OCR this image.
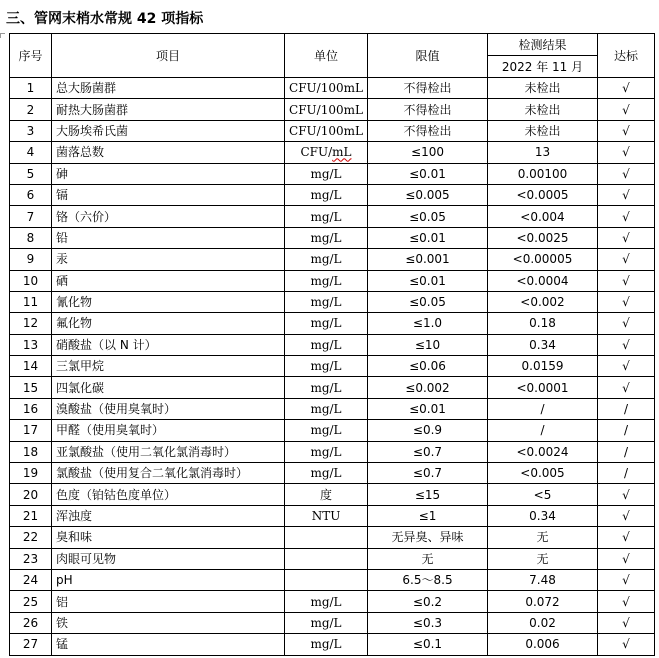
三、管网末梢水常规 42 项指标
序号	项目	单位	限值	检测结果	达标
				2022 年 11 月	
1	总大肠菌群	CFU/100mL	不得检出	未检出	√
2	耐热大肠菌群	CFU/100mL	不得检出	未检出	√
3	大肠埃希氏菌	CFU/100mL	不得检出	未检出	√
4	菌落总数	CFU/mL	≤100	13	√
5	砷	mg/L	≤0.01	0.00100	√
6	镉	mg/L	≤0.005	<0.0005	√
7	铬（六价）	mg/L	≤0.05	<0.004	√
8	铅	mg/L	≤0.01	<0.0025	√
9	汞	mg/L	≤0.001	<0.00005	√
10	硒	mg/L	≤0.01	<0.0004	√
11	氰化物	mg/L	≤0.05	<0.002	√
12	氟化物	mg/L	≤1.0	0.18	√
13	硝酸盐（以 N 计）	mg/L	≤10	0.34	√
14	三氯甲烷	mg/L	≤0.06	0.0159	√
15	四氯化碳	mg/L	≤0.002	<0.0001	√
16	溴酸盐（使用臭氧时）	mg/L	≤0.01	/	/
17	甲醛（使用臭氧时）	mg/L	≤0.9	/	/
18	亚氯酸盐（使用二氧化氯消毒时）	mg/L	≤0.7	<0.0024	/
19	氯酸盐（使用复合二氧化氯消毒时）	mg/L	≤0.7	<0.005	/
20	色度（铂钴色度单位）	度	≤15	<5	√
21	浑浊度	NTU	≤1	0.34	√
22	臭和味		无异臭、异味	无	√
23	肉眼可见物		无	无	√
24	pH		6.5～8.5	7.48	√
25	铝	mg/L	≤0.2	0.072	√
26	铁	mg/L	≤0.3	0.02	√
27	锰	mg/L	≤0.1	0.006	√
